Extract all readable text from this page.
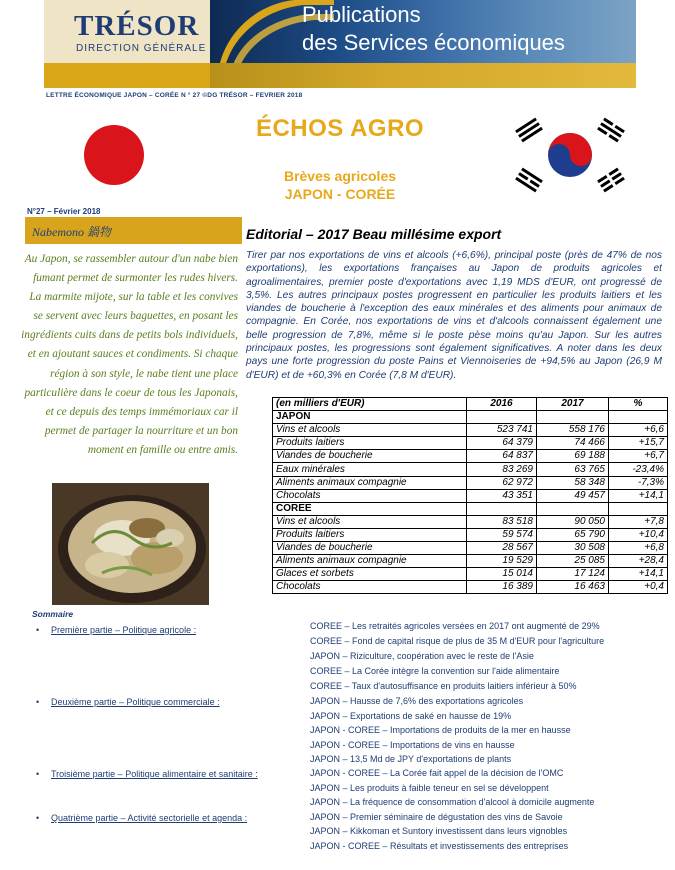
TRÉSOR
DIRECTION GÉNÉRALE
Publications
des Services économiques
LETTRE ÉCONOMIQUE JAPON – CORÉE N ° 27 ©DG TRÉSOR – FEVRIER 2018
ÉCHOS AGRO
Brèves agricoles
JAPON - CORÉE
N°27 – Février 2018
Nabemono 鍋物
Au Japon, se rassembler autour d'un nabe bien fumant permet de surmonter les rudes hivers. La marmite mijote, sur la table et les convives se servent avec leurs baguettes, en posant les ingrédients cuits dans de petits bols individuels, et en ajoutant sauces et condiments. Si chaque région à son style, le nabe tient une place particulière dans le coeur de tous les Japonais, et ce depuis des temps immémoriaux car il permet de partager la nourriture et un bon moment en famille ou entre amis.
Editorial – 2017 Beau millésime export
Tirer par nos exportations de vins et alcools (+6,6%), principal poste (près de 47% de nos exportations), les exportations françaises au Japon de produits agricoles et agroalimentaires, premier poste d'exportations avec 1,19 MDS d'EUR, ont progressé de 3,5%. Les autres principaux postes progressent en particulier les produits laitiers et les viandes de boucherie à l'exception des eaux minérales et des aliments pour animaux de compagnie. En Corée, nos exportations de vins et d'alcools connaissent également une belle progression de 7,8%, même si le poste pèse moins qu'au Japon. Sur les autres principaux postes, les progressions sont également significatives. A noter dans les deux pays une forte progression du poste Pains et Viennoiseries de +94,5% au Japon (26,9 M d'EUR) et de +60,3% en Corée (7,8 M d'EUR).
(en milliers d'EUR)	2016	2017	%
JAPON			
Vins et alcools	523 741	558 176	+6,6
Produits laitiers	64 379	74 466	+15,7
Viandes de boucherie	64 837	69 188	+6,7
Eaux minérales	83 269	63 765	-23,4%
Aliments animaux compagnie	62 972	58 348	-7,3%
Chocolats	43 351	49 457	+14,1
COREE			
Vins et alcools	83 518	90 050	+7,8
Produits laitiers	59 574	65 790	+10,4
Viandes de boucherie	28 567	30 508	+6,8
Aliments animaux compagnie	19 529	25 085	+28,4
Glaces et sorbets	15 014	17 124	+14,1
Chocolats	16 389	16 463	+0,4
Sommaire
• Première partie – Politique agricole :
• Deuxième partie – Politique commerciale :
• Troisième partie – Politique alimentaire et sanitaire :
• Quatrième partie – Activité sectorielle et agenda :
COREE – Les retraités agricoles versées en 2017 ont augmenté de 29%
COREE – Fond de capital risque de plus de 35 M d'EUR pour l'agriculture
JAPON – Riziculture, coopération avec le reste de l'Asie
COREE – La Corée intègre la convention sur l'aide alimentaire
COREE – Taux d'autosuffisance en produits laitiers inférieur à 50%
JAPON – Hausse de 7,6% des exportations agricoles
JAPON – Exportations de saké en hausse de 19%
JAPON - COREE – Importations de produits de la mer en hausse
JAPON - COREE – Importations de vins en hausse
JAPON – 13,5 Md de JPY d'exportations de plants
JAPON - COREE – La Corée fait appel de la décision de l'OMC
JAPON – Les produits à faible teneur en sel se développent
JAPON – La fréquence de consommation d'alcool à domicile augmente
JAPON – Premier séminaire de dégustation des vins de Savoie
JAPON – Kikkoman et Suntory investissent dans leurs vignobles
JAPON - COREE – Résultats et investissements des entreprises
